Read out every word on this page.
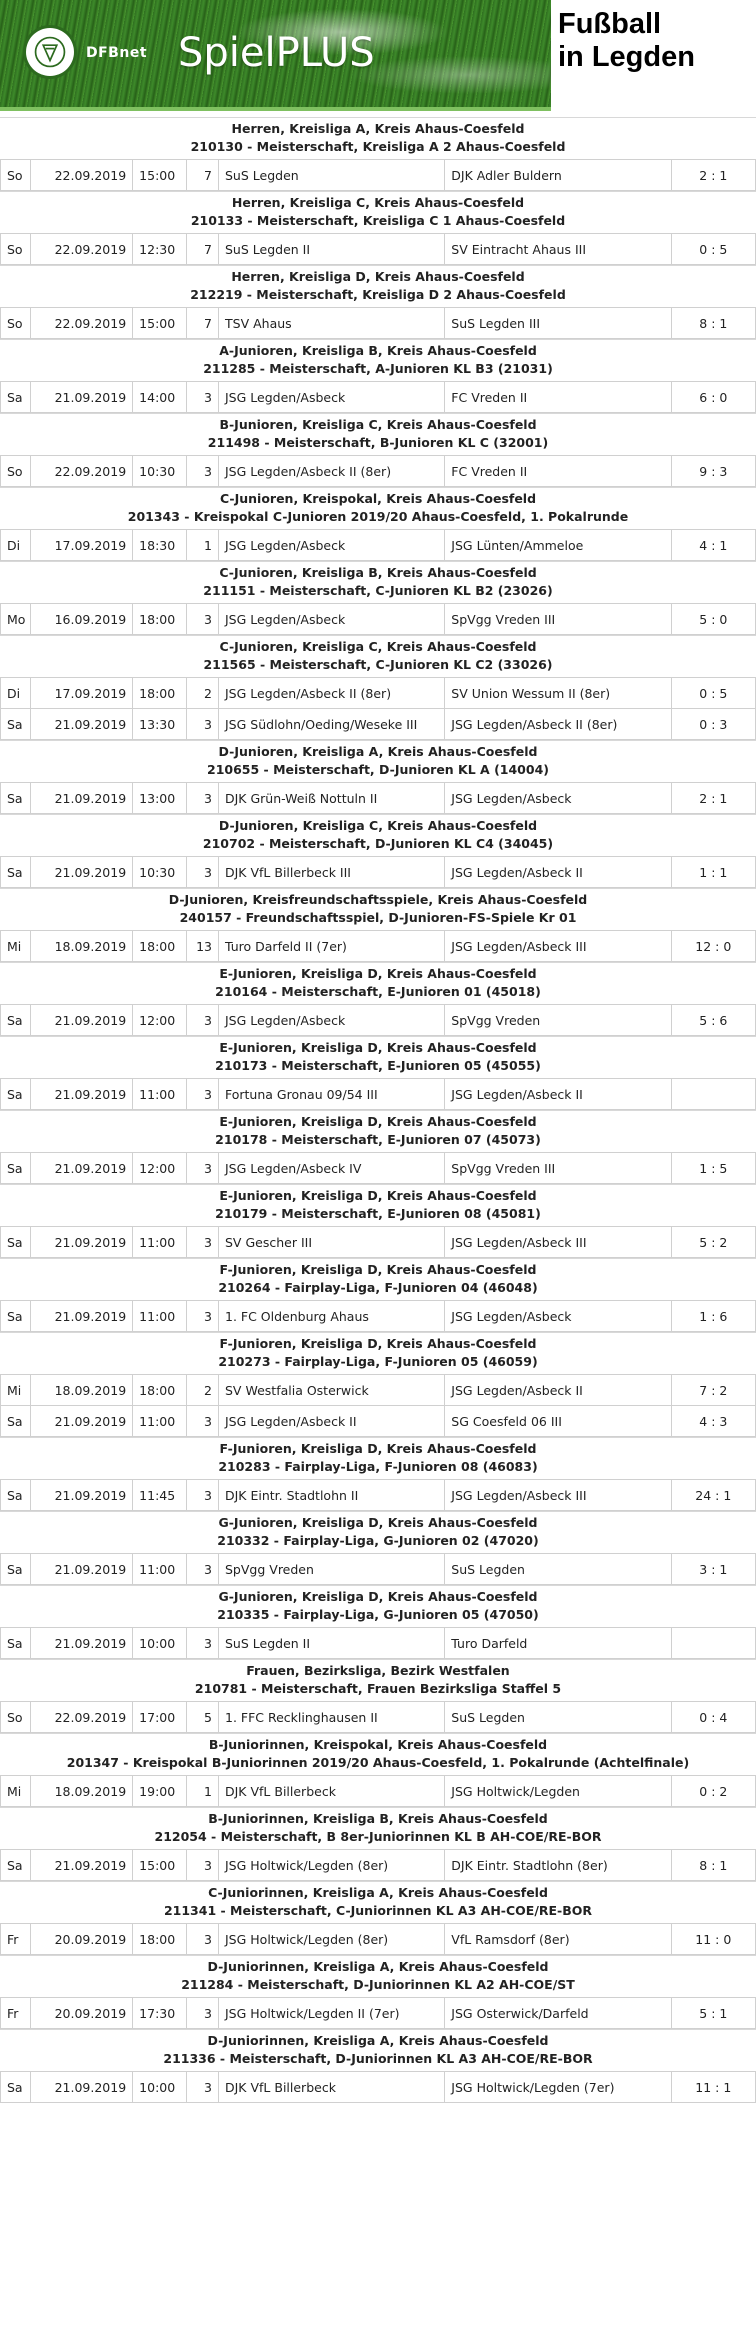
DFBnet SpielPLUS
Fußball
in Legden
Herren, Kreisliga A, Kreis Ahaus-Coesfeld
210130 - Meisterschaft, Kreisliga A 2 Ahaus-Coesfeld
So	22.09.2019	15:00	7	SuS Legden	DJK Adler Buldern	2 : 1
Herren, Kreisliga C, Kreis Ahaus-Coesfeld
210133 - Meisterschaft, Kreisliga C 1 Ahaus-Coesfeld
So	22.09.2019	12:30	7	SuS Legden II	SV Eintracht Ahaus III	0 : 5
Herren, Kreisliga D, Kreis Ahaus-Coesfeld
212219 - Meisterschaft, Kreisliga D 2 Ahaus-Coesfeld
So	22.09.2019	15:00	7	TSV Ahaus	SuS Legden III	8 : 1
A-Junioren, Kreisliga B, Kreis Ahaus-Coesfeld
211285 - Meisterschaft, A-Junioren KL B3 (21031)
Sa	21.09.2019	14:00	3	JSG Legden/Asbeck	FC Vreden II	6 : 0
B-Junioren, Kreisliga C, Kreis Ahaus-Coesfeld
211498 - Meisterschaft, B-Junioren KL C (32001)
So	22.09.2019	10:30	3	JSG Legden/Asbeck II (8er)	FC Vreden II	9 : 3
C-Junioren, Kreispokal, Kreis Ahaus-Coesfeld
201343 - Kreispokal C-Junioren 2019/20 Ahaus-Coesfeld, 1. Pokalrunde
Di	17.09.2019	18:30	1	JSG Legden/Asbeck	JSG Lünten/Ammeloe	4 : 1
C-Junioren, Kreisliga B, Kreis Ahaus-Coesfeld
211151 - Meisterschaft, C-Junioren KL B2 (23026)
Mo	16.09.2019	18:00	3	JSG Legden/Asbeck	SpVgg Vreden III	5 : 0
C-Junioren, Kreisliga C, Kreis Ahaus-Coesfeld
211565 - Meisterschaft, C-Junioren KL C2 (33026)
Di	17.09.2019	18:00	2	JSG Legden/Asbeck II (8er)	SV Union Wessum II (8er)	0 : 5
Sa	21.09.2019	13:30	3	JSG Südlohn/Oeding/Weseke III	JSG Legden/Asbeck II (8er)	0 : 3
D-Junioren, Kreisliga A, Kreis Ahaus-Coesfeld
210655 - Meisterschaft, D-Junioren KL A (14004)
Sa	21.09.2019	13:00	3	DJK Grün-Weiß Nottuln II	JSG Legden/Asbeck	2 : 1
D-Junioren, Kreisliga C, Kreis Ahaus-Coesfeld
210702 - Meisterschaft, D-Junioren KL C4 (34045)
Sa	21.09.2019	10:30	3	DJK VfL Billerbeck III	JSG Legden/Asbeck II	1 : 1
D-Junioren, Kreisfreundschaftsspiele, Kreis Ahaus-Coesfeld
240157 - Freundschaftsspiel, D-Junioren-FS-Spiele Kr 01
Mi	18.09.2019	18:00	13	Turo Darfeld II (7er)	JSG Legden/Asbeck III	12 : 0
E-Junioren, Kreisliga D, Kreis Ahaus-Coesfeld
210164 - Meisterschaft, E-Junioren 01 (45018)
Sa	21.09.2019	12:00	3	JSG Legden/Asbeck	SpVgg Vreden	5 : 6
E-Junioren, Kreisliga D, Kreis Ahaus-Coesfeld
210173 - Meisterschaft, E-Junioren 05 (45055)
Sa	21.09.2019	11:00	3	Fortuna Gronau 09/54 III	JSG Legden/Asbeck II
E-Junioren, Kreisliga D, Kreis Ahaus-Coesfeld
210178 - Meisterschaft, E-Junioren 07 (45073)
Sa	21.09.2019	12:00	3	JSG Legden/Asbeck IV	SpVgg Vreden III	1 : 5
E-Junioren, Kreisliga D, Kreis Ahaus-Coesfeld
210179 - Meisterschaft, E-Junioren 08 (45081)
Sa	21.09.2019	11:00	3	SV Gescher III	JSG Legden/Asbeck III	5 : 2
F-Junioren, Kreisliga D, Kreis Ahaus-Coesfeld
210264 - Fairplay-Liga, F-Junioren 04 (46048)
Sa	21.09.2019	11:00	3	1. FC Oldenburg Ahaus	JSG Legden/Asbeck	1 : 6
F-Junioren, Kreisliga D, Kreis Ahaus-Coesfeld
210273 - Fairplay-Liga, F-Junioren 05 (46059)
Mi	18.09.2019	18:00	2	SV Westfalia Osterwick	JSG Legden/Asbeck II	7 : 2
Sa	21.09.2019	11:00	3	JSG Legden/Asbeck II	SG Coesfeld 06 III	4 : 3
F-Junioren, Kreisliga D, Kreis Ahaus-Coesfeld
210283 - Fairplay-Liga, F-Junioren 08 (46083)
Sa	21.09.2019	11:45	3	DJK Eintr. Stadtlohn II	JSG Legden/Asbeck III	24 : 1
G-Junioren, Kreisliga D, Kreis Ahaus-Coesfeld
210332 - Fairplay-Liga, G-Junioren 02 (47020)
Sa	21.09.2019	11:00	3	SpVgg Vreden	SuS Legden	3 : 1
G-Junioren, Kreisliga D, Kreis Ahaus-Coesfeld
210335 - Fairplay-Liga, G-Junioren 05 (47050)
Sa	21.09.2019	10:00	3	SuS Legden II	Turo Darfeld
Frauen, Bezirksliga, Bezirk Westfalen
210781 - Meisterschaft, Frauen Bezirksliga Staffel 5
So	22.09.2019	17:00	5	1. FFC Recklinghausen II	SuS Legden	0 : 4
B-Juniorinnen, Kreispokal, Kreis Ahaus-Coesfeld
201347 - Kreispokal B-Juniorinnen 2019/20 Ahaus-Coesfeld, 1. Pokalrunde (Achtelfinale)
Mi	18.09.2019	19:00	1	DJK VfL Billerbeck	JSG Holtwick/Legden	0 : 2
B-Juniorinnen, Kreisliga B, Kreis Ahaus-Coesfeld
212054 - Meisterschaft, B 8er-Juniorinnen KL B AH-COE/RE-BOR
Sa	21.09.2019	15:00	3	JSG Holtwick/Legden (8er)	DJK Eintr. Stadtlohn (8er)	8 : 1
C-Juniorinnen, Kreisliga A, Kreis Ahaus-Coesfeld
211341 - Meisterschaft, C-Juniorinnen KL A3 AH-COE/RE-BOR
Fr	20.09.2019	18:00	3	JSG Holtwick/Legden (8er)	VfL Ramsdorf (8er)	11 : 0
D-Juniorinnen, Kreisliga A, Kreis Ahaus-Coesfeld
211284 - Meisterschaft, D-Juniorinnen KL A2 AH-COE/ST
Fr	20.09.2019	17:30	3	JSG Holtwick/Legden II (7er)	JSG Osterwick/Darfeld	5 : 1
D-Juniorinnen, Kreisliga A, Kreis Ahaus-Coesfeld
211336 - Meisterschaft, D-Juniorinnen KL A3 AH-COE/RE-BOR
Sa	21.09.2019	10:00	3	DJK VfL Billerbeck	JSG Holtwick/Legden (7er)	11 : 1
